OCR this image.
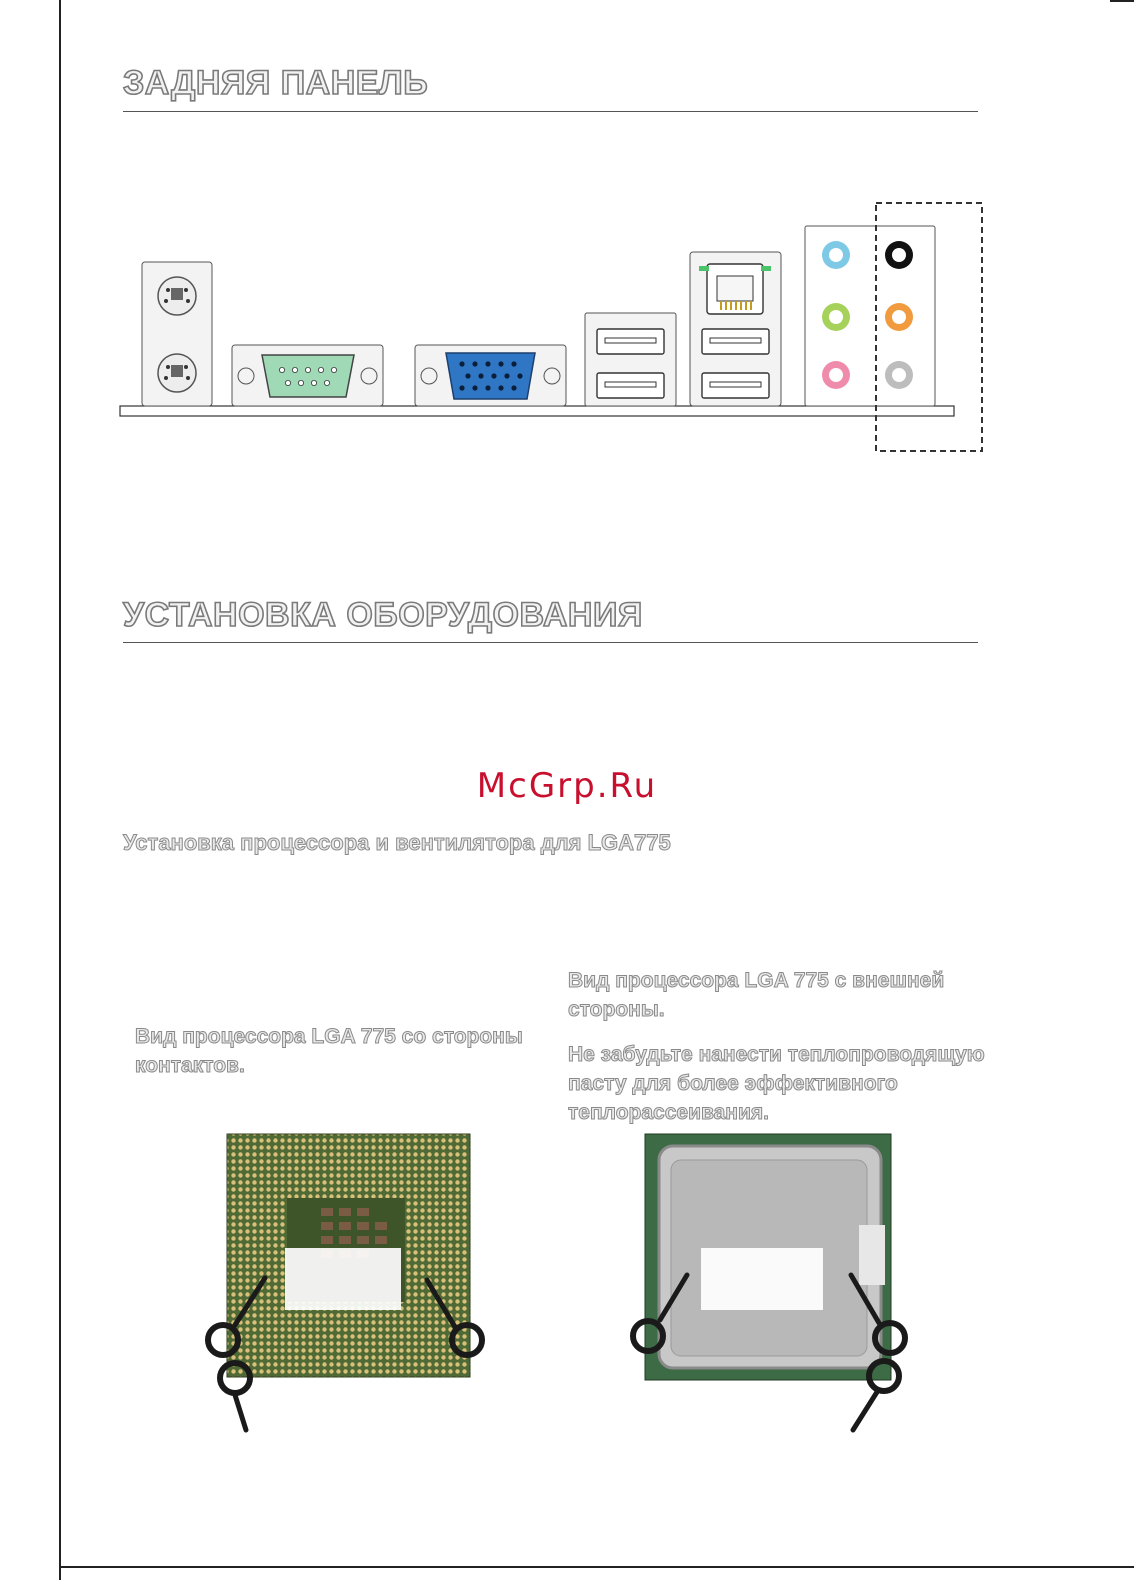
ЗАДНЯЯ ПАНЕЛЬ
УСТАНОВКА ОБОРУДОВАНИЯ
McGrp.Ru
Установка процессора и вентилятора для LGA775
Вид процессора LGA 775 с внешней стороны.
Вид процессора LGA 775 со стороны контактов.	Не забудьте нанести теплопроводящую пасту для более эффективного теплорассеивания.
